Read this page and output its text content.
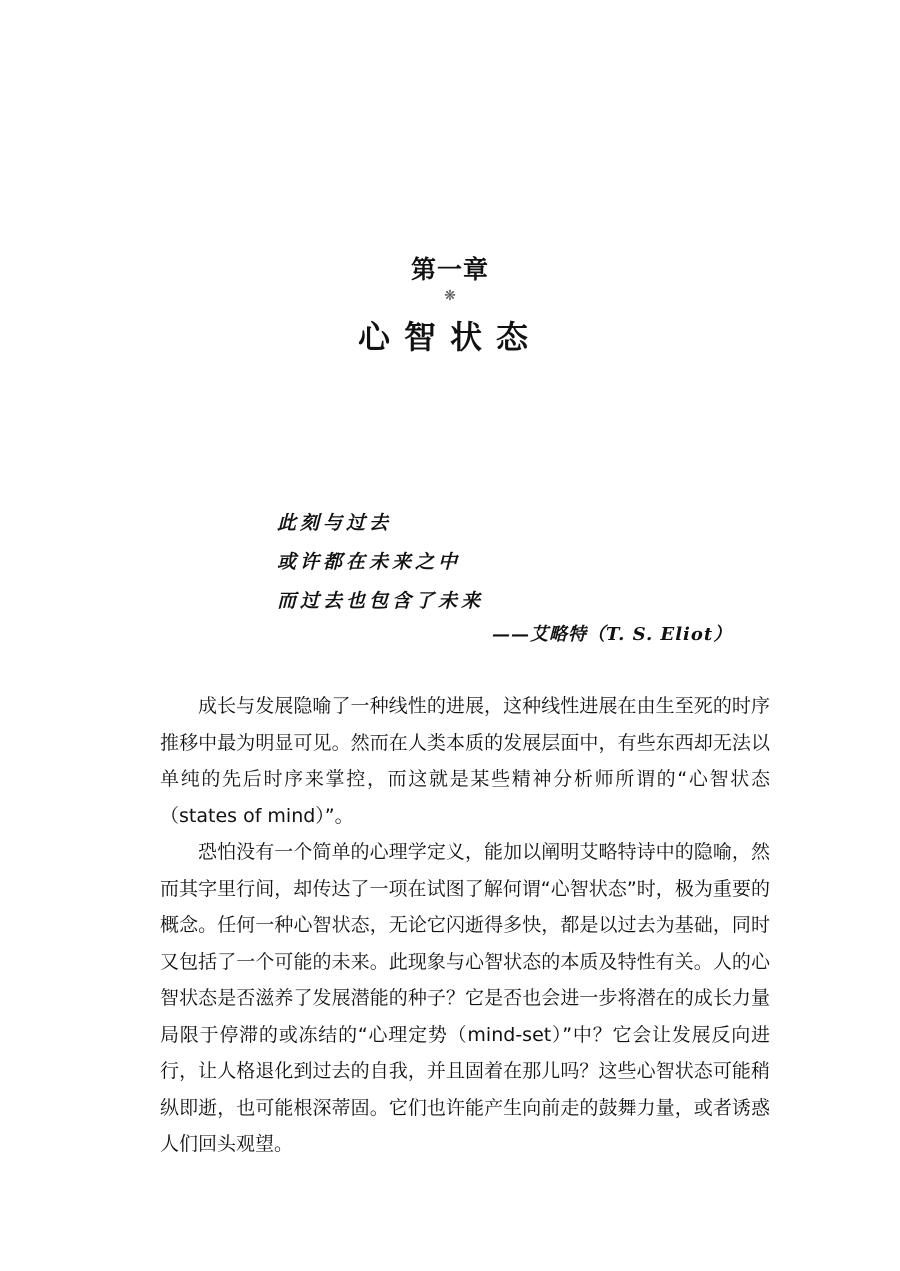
第一章
❋
心智状态
此刻与过去
或许都在未来之中
而过去也包含了未来
——艾略特（T. S. Eliot）

成长与发展隐喻了一种线性的进展，这种线性进展在由生至死的时序推移中最为明显可见。然而在人类本质的发展层面中，有些东西却无法以单纯的先后时序来掌控，而这就是某些精神分析师所谓的“心智状态（states of mind）”。

恐怕没有一个简单的心理学定义，能加以阐明艾略特诗中的隐喻，然而其字里行间，却传达了一项在试图了解何谓“心智状态”时，极为重要的概念。任何一种心智状态，无论它闪逝得多快，都是以过去为基础，同时又包括了一个可能的未来。此现象与心智状态的本质及特性有关。人的心智状态是否滋养了发展潜能的种子？它是否也会进一步将潜在的成长力量局限于停滞的或冻结的“心理定势（mind-set）”中？它会让发展反向进行，让人格退化到过去的自我，并且固着在那儿吗？这些心智状态可能稍纵即逝，也可能根深蒂固。它们也许能产生向前走的鼓舞力量，或者诱惑人们回头观望。
